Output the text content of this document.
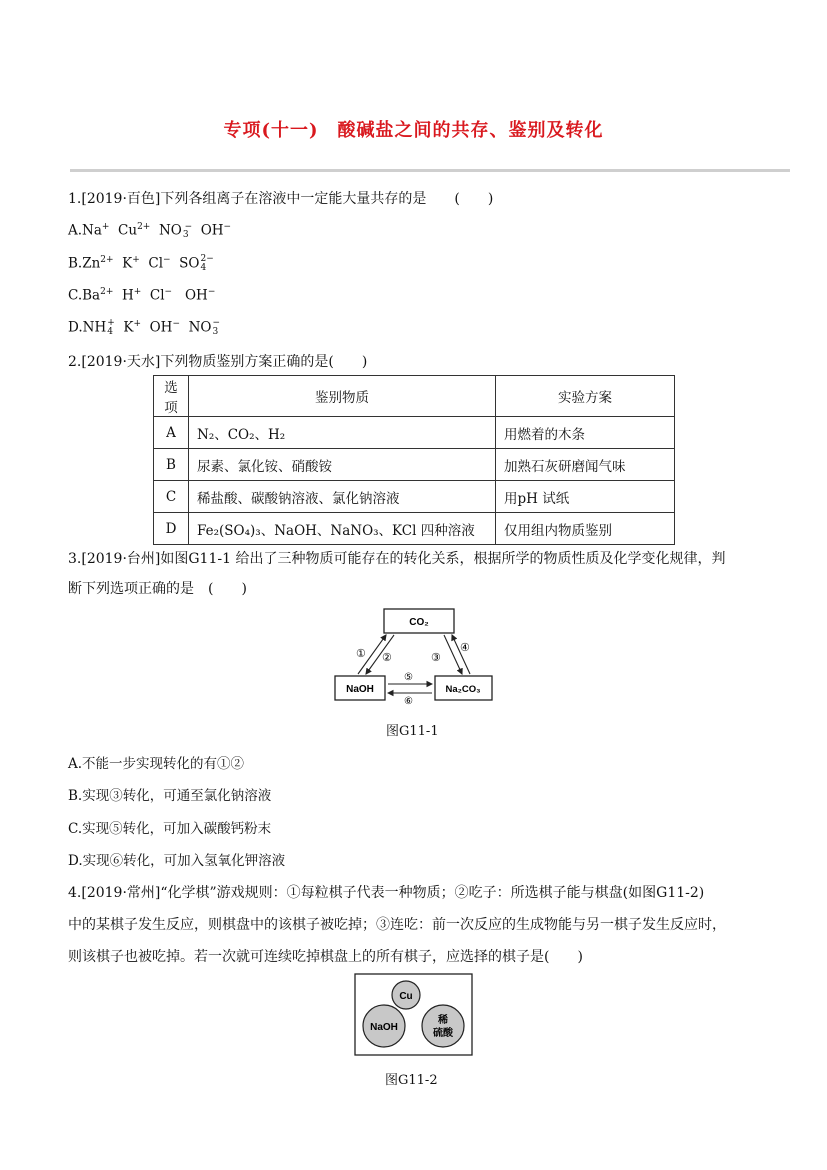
专项(十一)　酸碱盐之间的共存、鉴别及转化
1.[2019·百色]下列各组离子在溶液中一定能大量共存的是　　(　　)
A.Na+  $Cu^{2+}$  NO
3
−  OH−
$B.Zn^{2+}$  K+  Cl−  SO 2−
4
$C.Ba^{2+}$  H+  Cl−   OH−
D.NH +
4 K+  OH−  NO −
3
2.[2019·天水]下列物质鉴别方案正确的是(　　)
选项	鉴别物质	实验方案
A	N₂、CO₂、H₂	用燃着的木条
B	尿素、氯化铵、硝酸铵	加熟石灰研磨闻气味
C	稀盐酸、碳酸钠溶液、氯化钠溶液	用pH 试纸
D	Fe₂(SO₄)₃、NaOH、NaNO₃、KCl 四种溶液	仅用组内物质鉴别
3.[2019·台州]如图G11-1 给出了三种物质可能存在的转化关系，根据所学的物质性质及化学变化规律，判
断下列选项正确的是　(　　)
CO₂
NaOH	Na₂CO₃
① ②	③
④
⑤
⑥
图G11-1
A.不能一步实现转化的有①②
B.实现③转化，可通至氯化钠溶液
C.实现⑤转化，可加入碳酸钙粉末
D.实现⑥转化，可加入氢氧化钾溶液
4.[2019·常州]“化学棋”游戏规则：①每粒棋子代表一种物质；②吃子：所选棋子能与棋盘(如图G11-2)
中的某棋子发生反应，则棋盘中的该棋子被吃掉；③连吃：前一次反应的生成物能与另一棋子发生反应时，
则该棋子也被吃掉。若一次就可连续吃掉棋盘上的所有棋子，应选择的棋子是(　　)
Cu
NaOH
稀
硫酸
图G11-2
